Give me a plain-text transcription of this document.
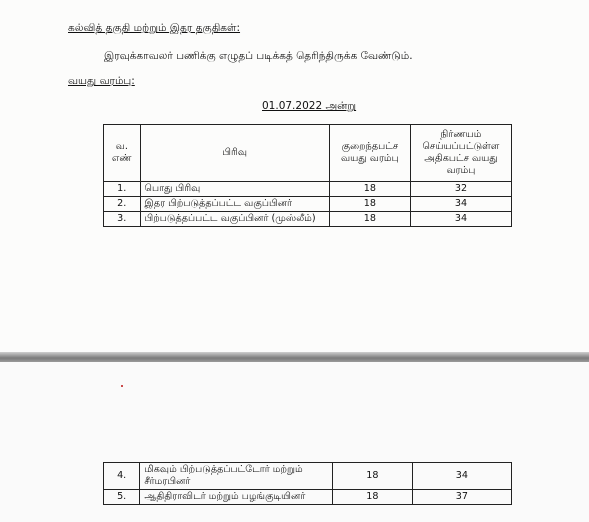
கல்வித் தகுதி மற்றும் இதர தகுதிகள்:
இரவுக்காவலர் பணிக்கு எழுதப் படிக்கத் தெரிந்திருக்க வேண்டும்.
வயது வரம்பு:
01.07.2022 அன்று
வ. எண்	பிரிவு	குறைந்தபட்ச வயது வரம்பு	நிர்ணயம் செய்யப்பட்டுள்ள அதிகபட்ச வயது வரம்பு
1.	பொது பிரிவு	18	32
2.	இதர பிற்படுத்தப்பட்ட வகுப்பினர்	18	34
3.	பிற்படுத்தப்பட்ட வகுப்பினர் (முஸ்லீம்)	18	34
4.	மிகவும் பிற்படுத்தப்பட்டோர் மற்றும் சீர்மரபினர்	18	34
5.	ஆதிதிராவிடர் மற்றும் பழங்குடியினர்	18	37
